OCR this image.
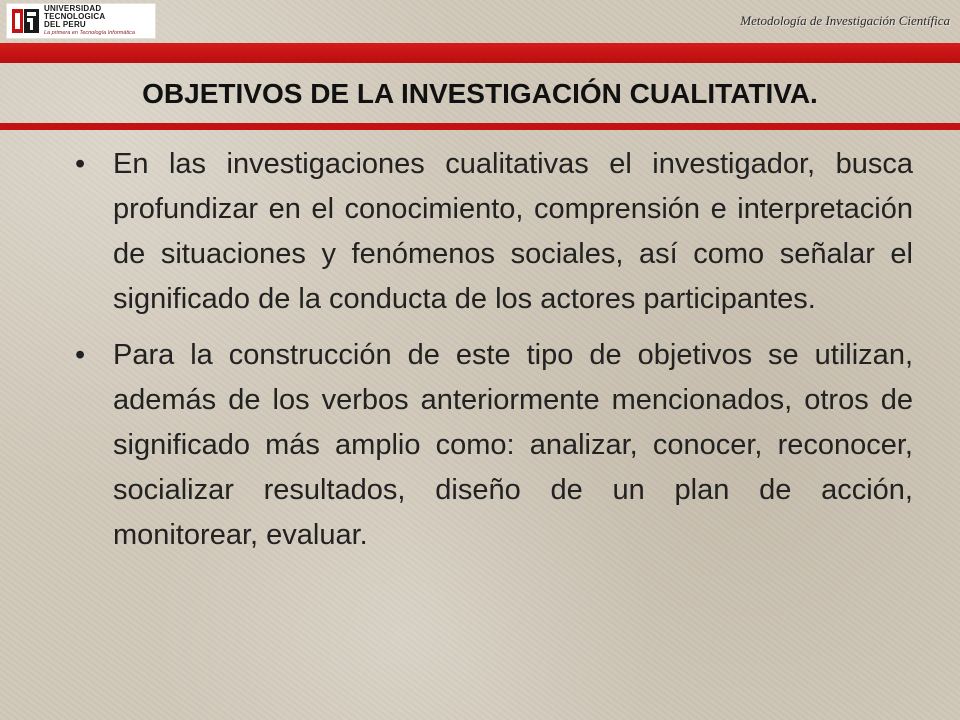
UNIVERSIDAD
TECNOLOGICA
DEL PERU
La primera en Tecnología Informática
Metodología de Investigación Científica
OBJETIVOS DE LA INVESTIGACIÓN CUALITATIVA.
• En las investigaciones cualitativas el investigador, busca profundizar en el conocimiento, comprensión e interpretación de situaciones y fenómenos sociales, así como señalar el significado de la conducta de los actores participantes.
• Para la construcción de este tipo de objetivos se utilizan, además de los verbos anteriormente mencionados, otros de significado más amplio como: analizar, conocer, reconocer, socializar resultados, diseño de un plan de acción, monitorear, evaluar.
